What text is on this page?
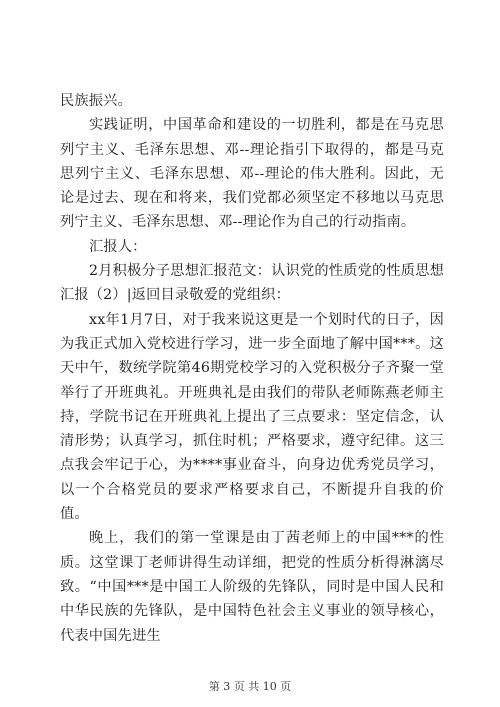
民族振兴。

实践证明，中国革命和建设的一切胜利，都是在马克思列宁主义、毛泽东思想、邓--理论指引下取得的，都是马克思列宁主义、毛泽东思想、邓--理论的伟大胜利。因此，无论是过去、现在和将来，我们党都必须坚定不移地以马克思列宁主义、毛泽东思想、邓--理论作为自己的行动指南。

汇报人：

2月积极分子思想汇报范文：认识党的性质党的性质思想汇报（2）|返回目录敬爱的党组织：

xx年1月7日，对于我来说这更是一个划时代的日子，因为我正式加入党校进行学习，进一步全面地了解中国***。这天中午，数统学院第46期党校学习的入党积极分子齐聚一堂举行了开班典礼。开班典礼是由我们的带队老师陈燕老师主持，学院书记在开班典礼上提出了三点要求：坚定信念，认清形势；认真学习，抓住时机；严格要求，遵守纪律。这三点我会牢记于心，为****事业奋斗，向身边优秀党员学习，以一个合格党员的要求严格要求自己，不断提升自我的价值。

晚上，我们的第一堂课是由丁茜老师上的中国***的性质。这堂课丁老师讲得生动详细，把党的性质分析得淋漓尽致。“中国***是中国工人阶级的先锋队，同时是中国人民和中华民族的先锋队，是中国特色社会主义事业的领导核心，代表中国先进生

第 3 页 共 10 页
